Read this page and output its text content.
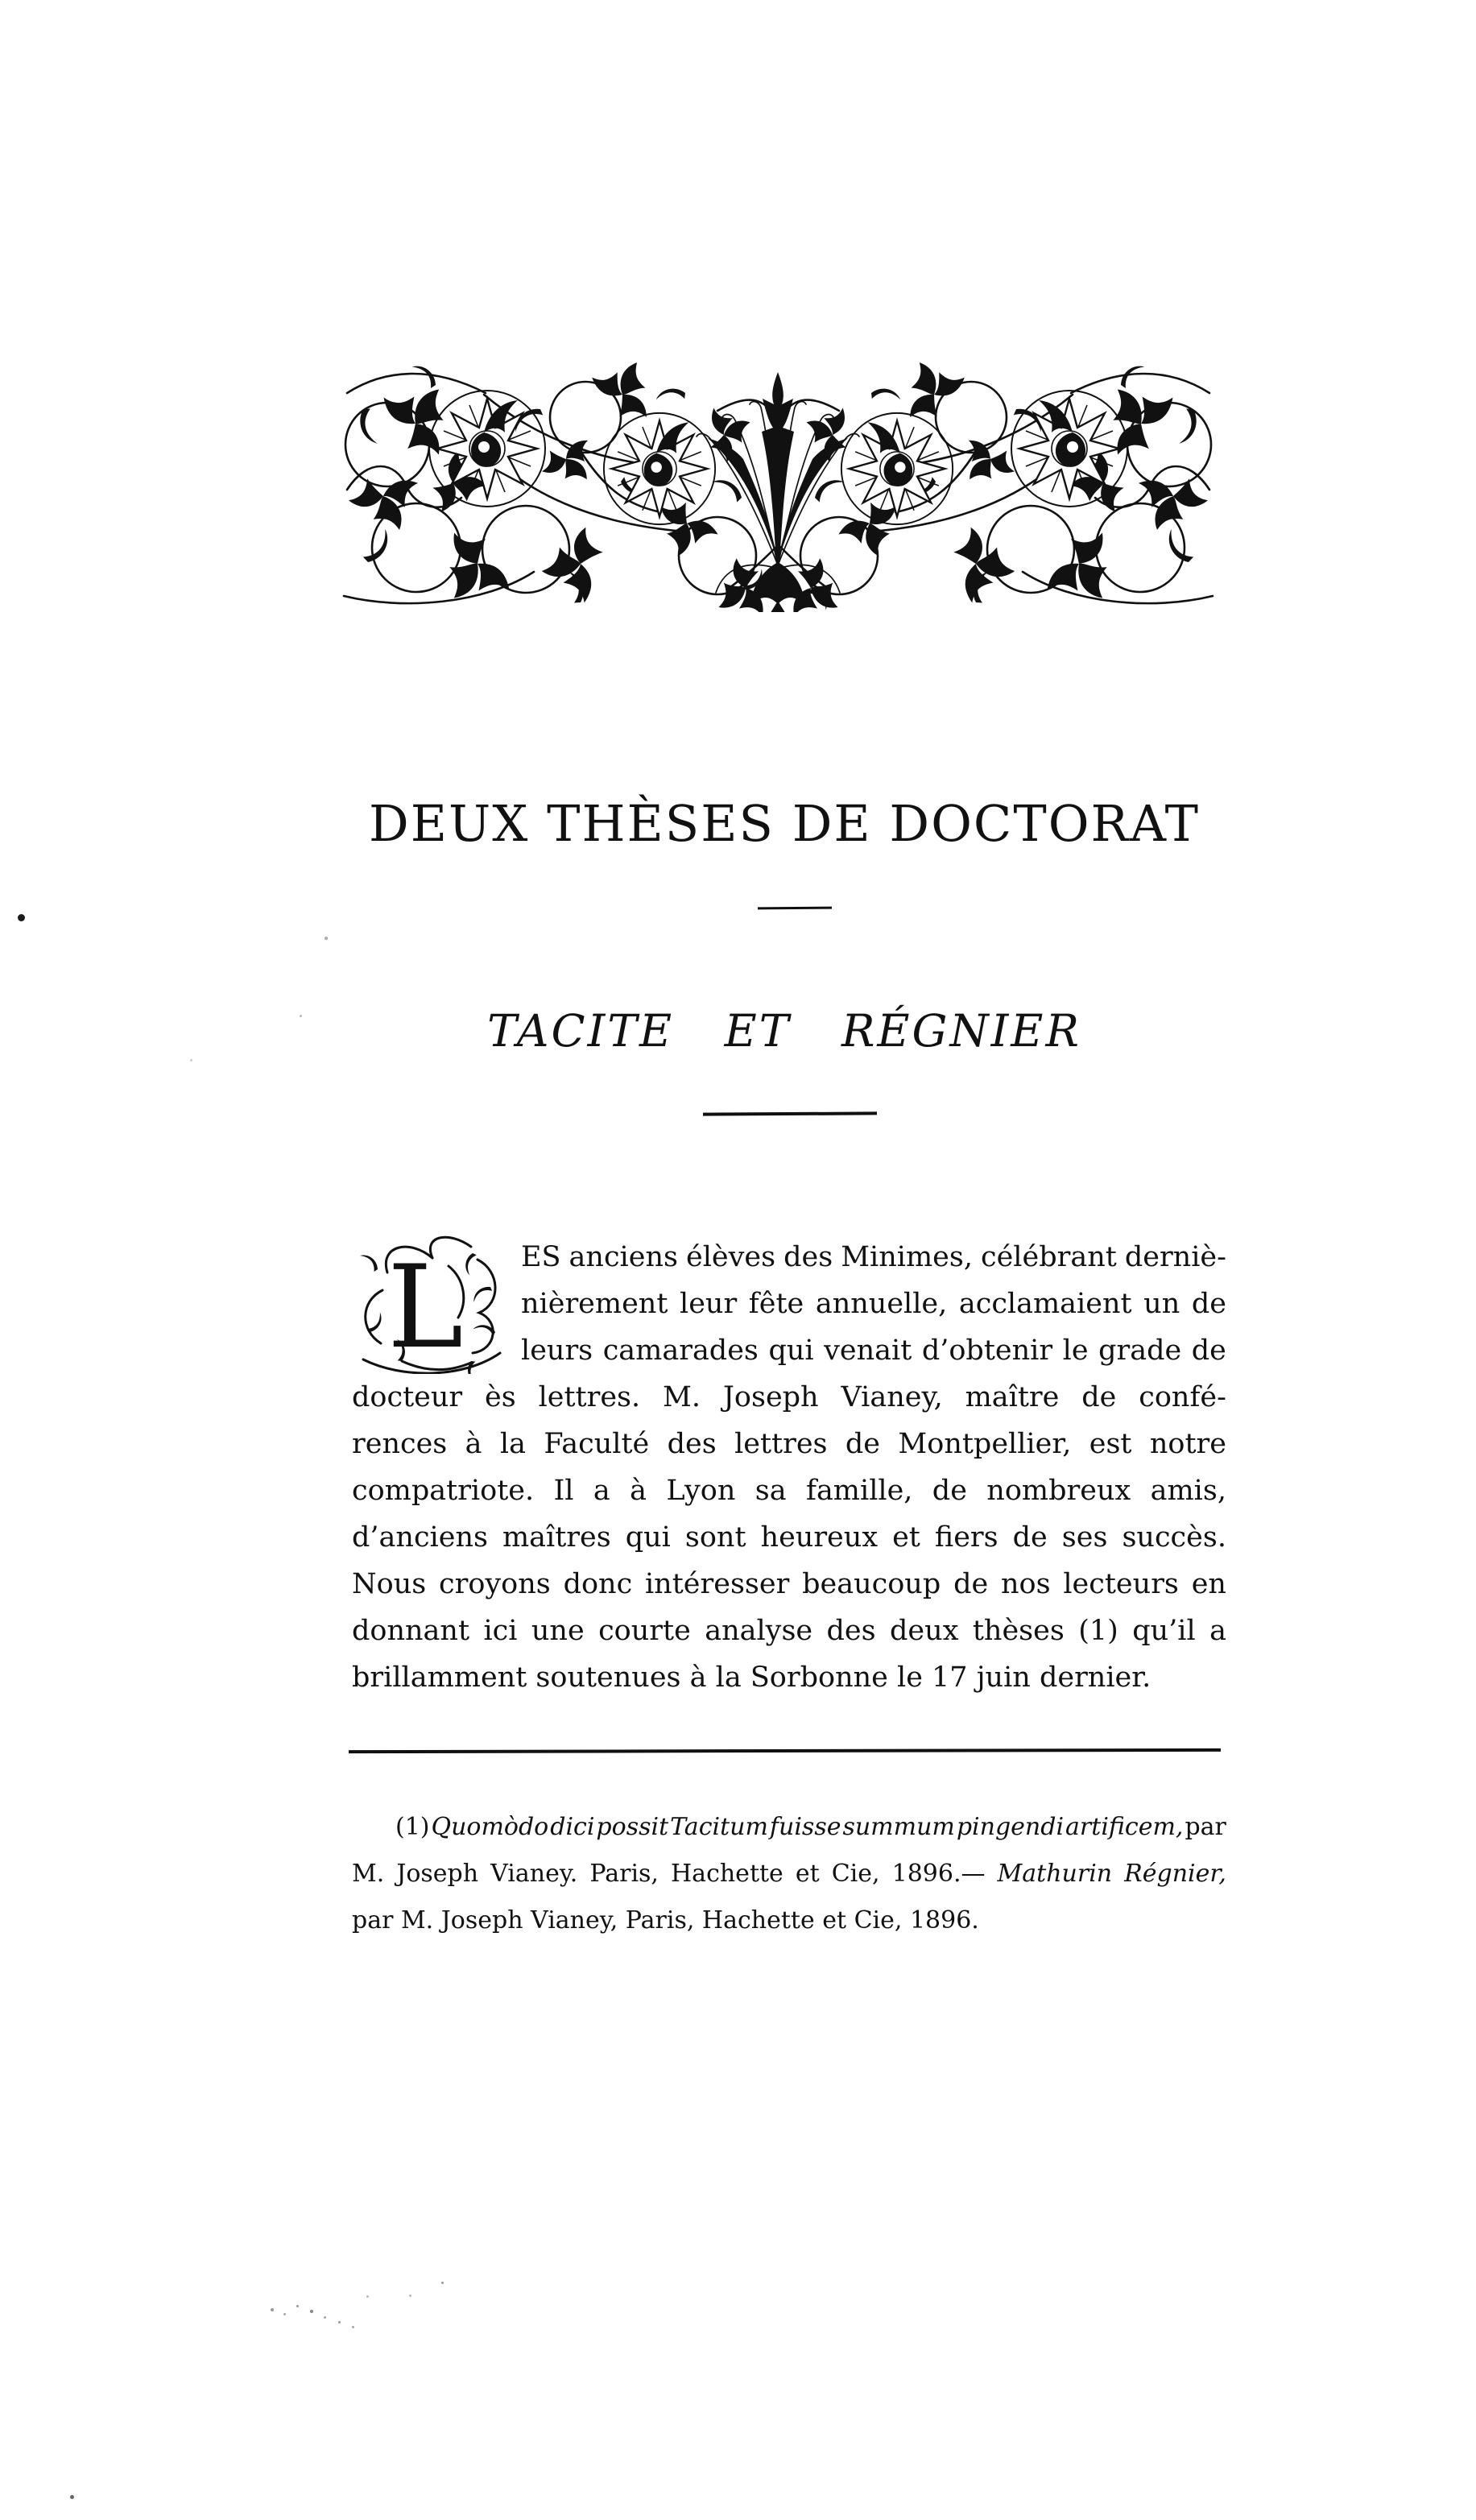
DEUX THÈSES DE DOCTORAT
TACITE ET RÉGNIER
L ES anciens élèves des Minimes, célébrant derniè-
nièrement leur fête annuelle, acclamaient un de
leurs camarades qui venait d’obtenir le grade de
docteur ès lettres. M. Joseph Vianey, maître de confé-
rences à la Faculté des lettres de Montpellier, est notre
compatriote. Il a à Lyon sa famille, de nombreux amis,
d’anciens maîtres qui sont heureux et fiers de ses succès.
Nous croyons donc intéresser beaucoup de nos lecteurs en
donnant ici une courte analyse des deux thèses (1) qu’il a
brillamment soutenues à la Sorbonne le 17 juin dernier.
(1) Quomòdo dici possit Tacitum fuisse summum pingendi artificem, par
M. Joseph Vianey. Paris, Hachette et Cie, 1896.— Mathurin Régnier,
par M. Joseph Vianey, Paris, Hachette et Cie, 1896.
